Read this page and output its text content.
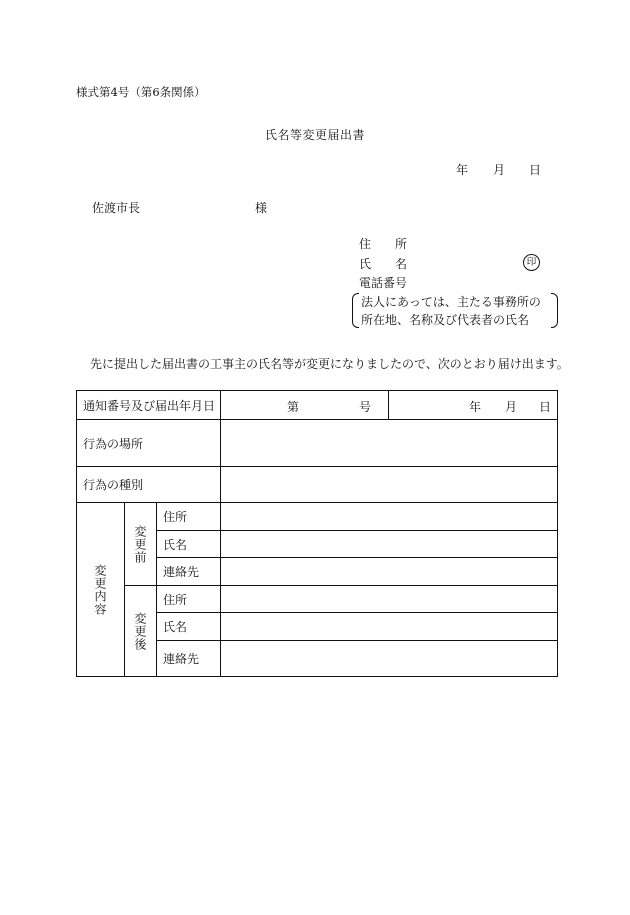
様式第4号（第6条関係）
氏名等変更届出書
年 月 日
佐渡市長	様
住　　所
氏　　名	印
電話番号
法人にあっては、主たる事務所の
所在地、名称及び代表者の氏名
先に提出した届出書の工事主の氏名等が変更になりましたので、次のとおり届け出ます。
通知番号及び届出年月日			第 号	年 月 日

行為の場所				
行為の種別				
変更内容	変更前	住所		
		氏名		
		連絡先		
	変更後	住所		
		氏名		
		連絡先		
